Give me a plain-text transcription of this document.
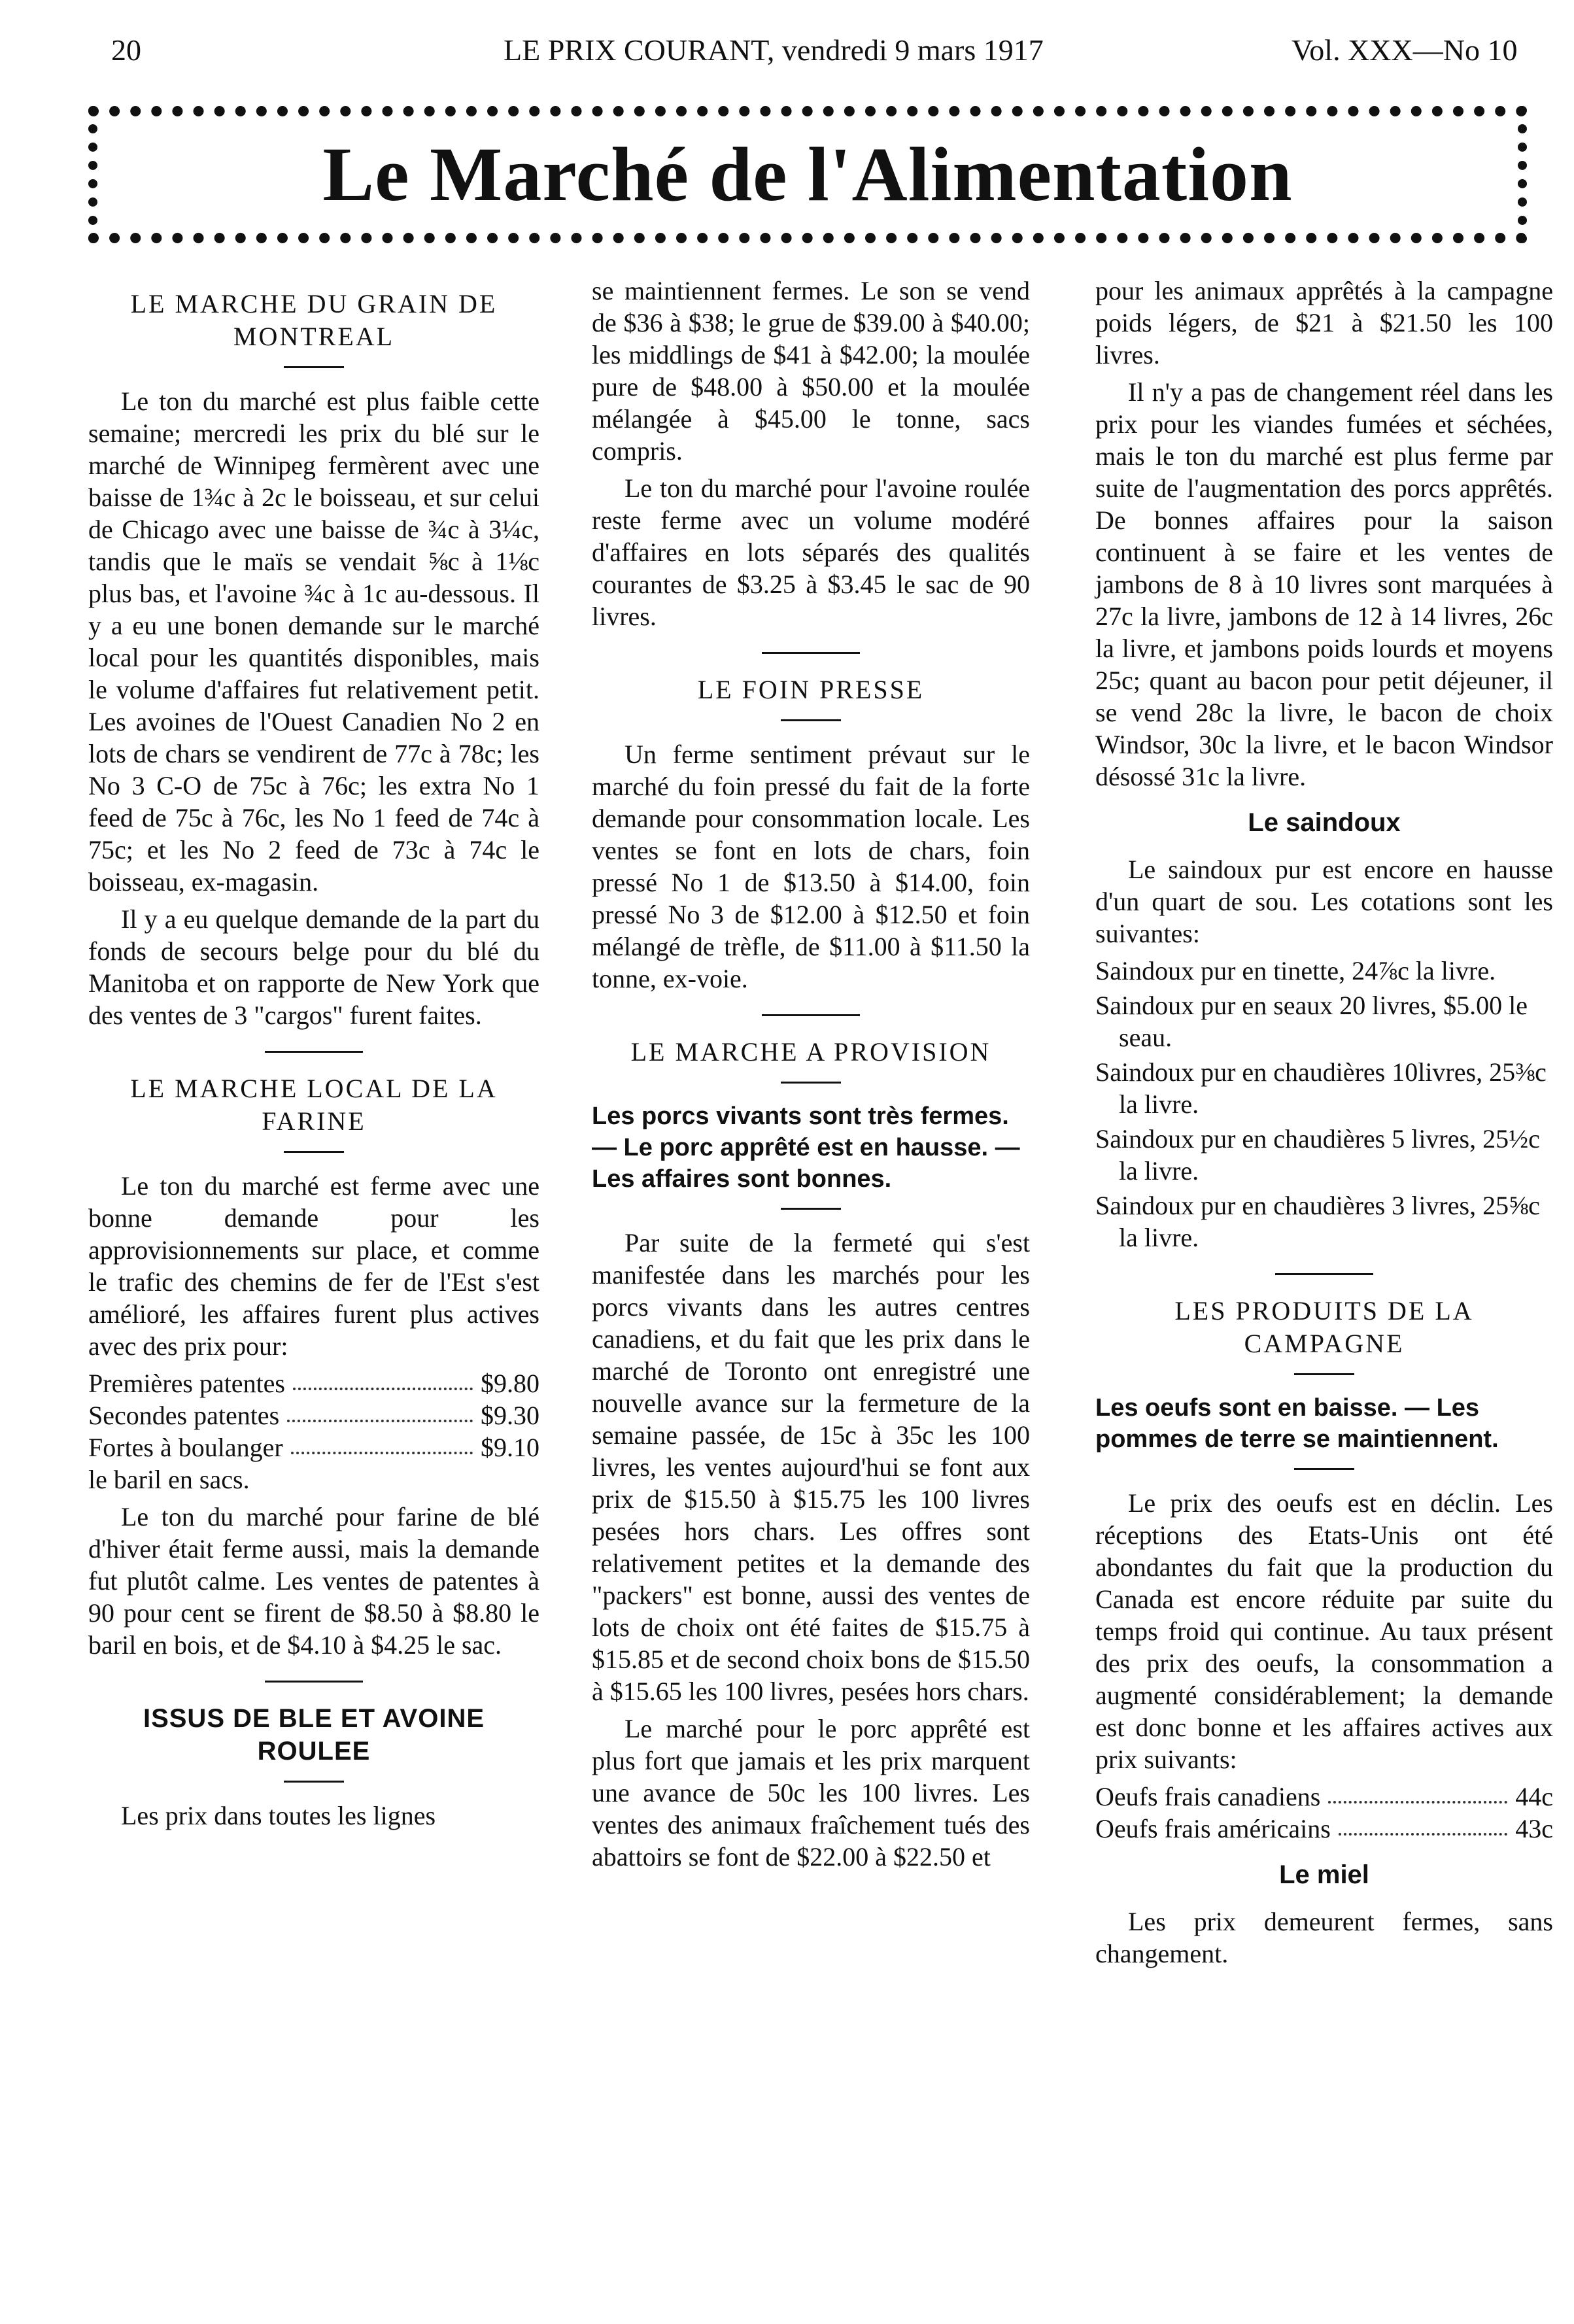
20	LE PRIX COURANT, vendredi 9 mars 1917	Vol. XXX—No 10
Le Marché de l'Alimentation
LE MARCHE DU GRAIN DE MONTREAL

Le ton du marché est plus faible cette semaine; mercredi les prix du blé sur le marché de Winnipeg fermèrent avec une baisse de 1¾c à 2c le boisseau, et sur celui de Chicago avec une baisse de ¾c à 3¼c, tandis que le maïs se vendait ⅝c à 1⅛c plus bas, et l'avoine ¾c à 1c au-dessous. Il y a eu une bonen demande sur le marché local pour les quantités disponibles, mais le volume d'affaires fut relativement petit. Les avoines de l'Ouest Canadien No 2 en lots de chars se vendirent de 77c à 78c; les No 3 C-O de 75c à 76c; les extra No 1 feed de 75c à 76c, les No 1 feed de 74c à 75c; et les No 2 feed de 73c à 74c le boisseau, ex-magasin.

Il y a eu quelque demande de la part du fonds de secours belge pour du blé du Manitoba et on rapporte de New York que des ventes de 3 "cargos" furent faites.

LE MARCHE LOCAL DE LA FARINE

Le ton du marché est ferme avec une bonne demande pour les approvisionnements sur place, et comme le trafic des chemins de fer de l'Est s'est amélioré, les affaires furent plus actives avec des prix pour:

Premières patentes	$9.80
Secondes patentes	$9.30
Fortes à boulanger	$9.10

le baril en sacs.

Le ton du marché pour farine de blé d'hiver était ferme aussi, mais la demande fut plutôt calme. Les ventes de patentes à 90 pour cent se firent de $8.50 à $8.80 le baril en bois, et de $4.10 à $4.25 le sac.

ISSUS DE BLE ET AVOINE ROULEE

Les prix dans toutes les lignes

se maintiennent fermes. Le son se vend de $36 à $38; le grue de $39.00 à $40.00; les middlings de $41 à $42.00; la moulée pure de $48.00 à $50.00 et la moulée mélangée à $45.00 le tonne, sacs compris.

Le ton du marché pour l'avoine roulée reste ferme avec un volume modéré d'affaires en lots séparés des qualités courantes de $3.25 à $3.45 le sac de 90 livres.

LE FOIN PRESSE

Un ferme sentiment prévaut sur le marché du foin pressé du fait de la forte demande pour consommation locale. Les ventes se font en lots de chars, foin pressé No 1 de $13.50 à $14.00, foin pressé No 3 de $12.00 à $12.50 et foin mélangé de trèfle, de $11.00 à $11.50 la tonne, ex-voie.

LE MARCHE A PROVISION
Les porcs vivants sont très fermes. — Le porc apprêté est en hausse. — Les affaires sont bonnes.

Par suite de la fermeté qui s'est manifestée dans les marchés pour les porcs vivants dans les autres centres canadiens, et du fait que les prix dans le marché de Toronto ont enregistré une nouvelle avance sur la fermeture de la semaine passée, de 15c à 35c les 100 livres, les ventes aujourd'hui se font aux prix de $15.50 à $15.75 les 100 livres pesées hors chars. Les offres sont relativement petites et la demande des "packers" est bonne, aussi des ventes de lots de choix ont été faites de $15.75 à $15.85 et de second choix bons de $15.50 à $15.65 les 100 livres, pesées hors chars.

Le marché pour le porc apprêté est plus fort que jamais et les prix marquent une avance de 50c les 100 livres. Les ventes des animaux fraîchement tués des abattoirs se font de $22.00 à $22.50 et

pour les animaux apprêtés à la campagne poids légers, de $21 à $21.50 les 100 livres.

Il n'y a pas de changement réel dans les prix pour les viandes fumées et séchées, mais le ton du marché est plus ferme par suite de l'augmentation des porcs apprêtés. De bonnes affaires pour la saison continuent à se faire et les ventes de jambons de 8 à 10 livres sont marquées à 27c la livre, jambons de 12 à 14 livres, 26c la livre, et jambons poids lourds et moyens 25c; quant au bacon pour petit déjeuner, il se vend 28c la livre, le bacon de choix Windsor, 30c la livre, et le bacon Windsor désossé 31c la livre.

Le saindoux

Le saindoux pur est encore en hausse d'un quart de sou. Les cotations sont les suivantes:

Saindoux pur en tinette, 24⅞c la livre.

Saindoux pur en seaux 20 livres, $5.00 le seau.

Saindoux pur en chaudières 10livres, 25⅜c la livre.

Saindoux pur en chaudières 5 livres, 25½c la livre.

Saindoux pur en chaudières 3 livres, 25⅝c la livre.

LES PRODUITS DE LA CAMPAGNE
Les oeufs sont en baisse. — Les pommes de terre se maintiennent.

Le prix des oeufs est en déclin. Les réceptions des Etats-Unis ont été abondantes du fait que la production du Canada est encore réduite par suite du temps froid qui continue. Au taux présent des prix des oeufs, la consommation a augmenté considérablement; la demande est donc bonne et les affaires actives aux prix suivants:

Oeufs frais canadiens	44c
Oeufs frais américains	43c
Le miel

Les prix demeurent fermes, sans changement.
